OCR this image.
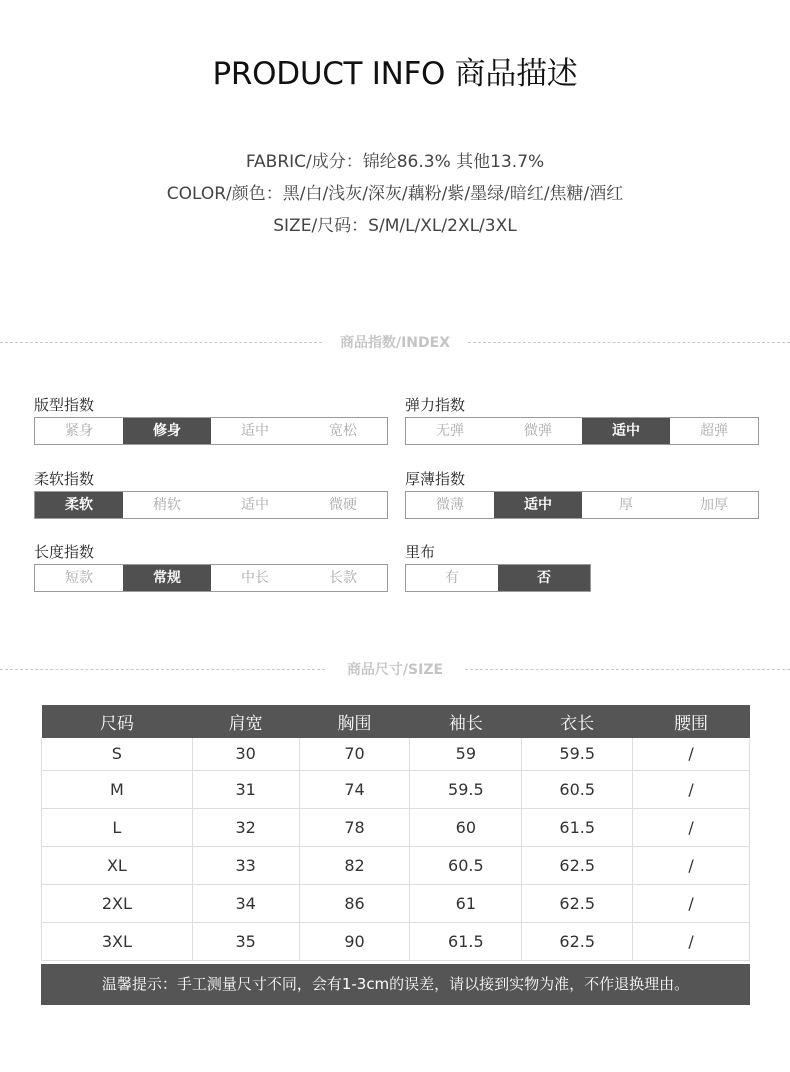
PRODUCT INFO 商品描述
FABRIC/成分：锦纶86.3% 其他13.7%
COLOR/颜色：黑/白/浅灰/深灰/藕粉/紫/墨绿/暗红/焦糖/酒红
SIZE/尺码：S/M/L/XL/2XL/3XL
商品指数/INDEX
版型指数
紧身	修身	适中	宽松
弹力指数
无弹	微弹	适中	超弹
柔软指数
柔软	稍软	适中	微硬
厚薄指数
微薄	适中	厚	加厚
长度指数
短款	常规	中长	长款
里布
有	否
商品尺寸/SIZE
尺码	肩宽	胸围	袖长	衣长	腰围
S	30	70	59	59.5	/
M	31	74	59.5	60.5	/
L	32	78	60	61.5	/
XL	33	82	60.5	62.5	/
2XL	34	86	61	62.5	/
3XL	35	90	61.5	62.5	/
温馨提示：手工测量尺寸不同，会有1-3cm的误差，请以接到实物为准，不作退换理由。
